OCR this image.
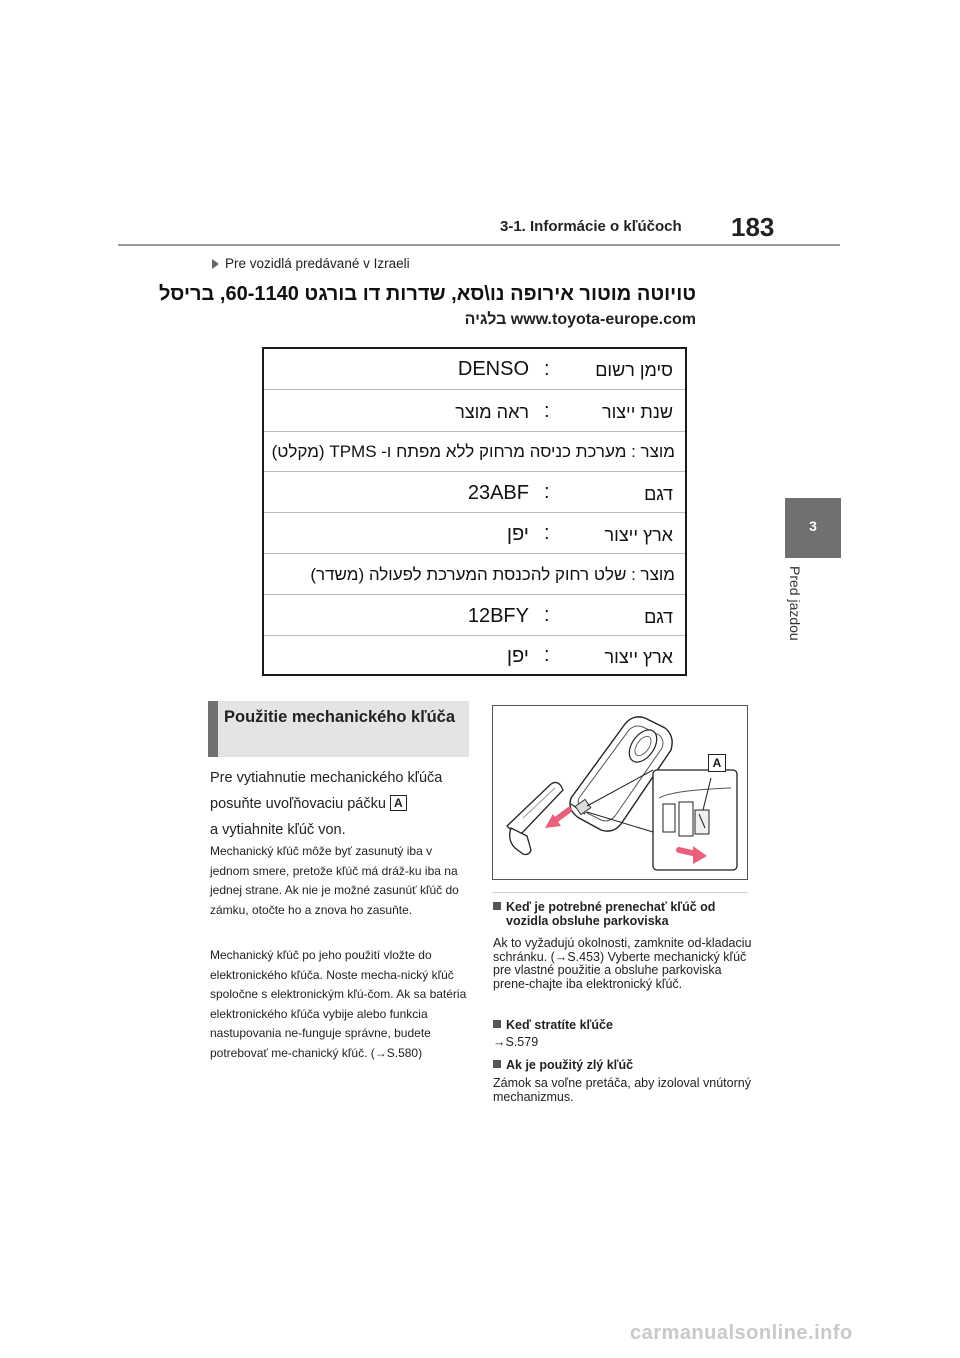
3-1. Informácie o kľúčoch 183
3
Pred jazdou
Pre vozidlá predávané v Izraeli
טויוטה מוטור אירופה נו\סא, שדרות דו בורגט 60-1140, בריסל
www.toyota-europe.com בלגיה
סימן רשום
:
DENSO
שנת ייצור
:
ראה מוצר
מוצר : מערכת כניסה מרחוק ללא מפתח ו- TPMS (מקלט)
דגם
:
23ABF
ארץ ייצור
:
יפן
מוצר : שלט רחוק להכנסת המערכת לפעולה (משדר)
דגם
:
12BFY
ארץ ייצור
:
יפן
Použitie mechanického kľúča
Pre vytiahnutie mechanického kľúča
posuňte uvoľňovaciu páčku A
a vytiahnite kľúč von.
Mechanický kľúč môže byť zasunutý iba v jednom smere, pretože kľúč má dráž-ku iba na jednej strane. Ak nie je možné zasunúť kľúč do zámku, otočte ho a znova ho zasuňte.
Mechanický kľúč po jeho použití vložte do elektronického kľúča. Noste mecha-nický kľúč spoločne s elektronickým kľú-čom. Ak sa batéria elektronického kľúča vybije alebo funkcia nastupovania ne-funguje správne, budete potrebovať me-chanický kľúč. (→S.580)
A
Keď je potrebné prenechať kľúč od
vozidla obsluhe parkoviska
Ak to vyžadujú okolnosti, zamknite od-kladaciu schránku. (→S.453) Vyberte mechanický kľúč pre vlastné použitie a obsluhe parkoviska prene-chajte iba elektronický kľúč.
Keď stratíte kľúče
→S.579
Ak je použitý zlý kľúč
Zámok sa voľne pretáča, aby izoloval vnútorný mechanizmus.
carmanualsonline.info
